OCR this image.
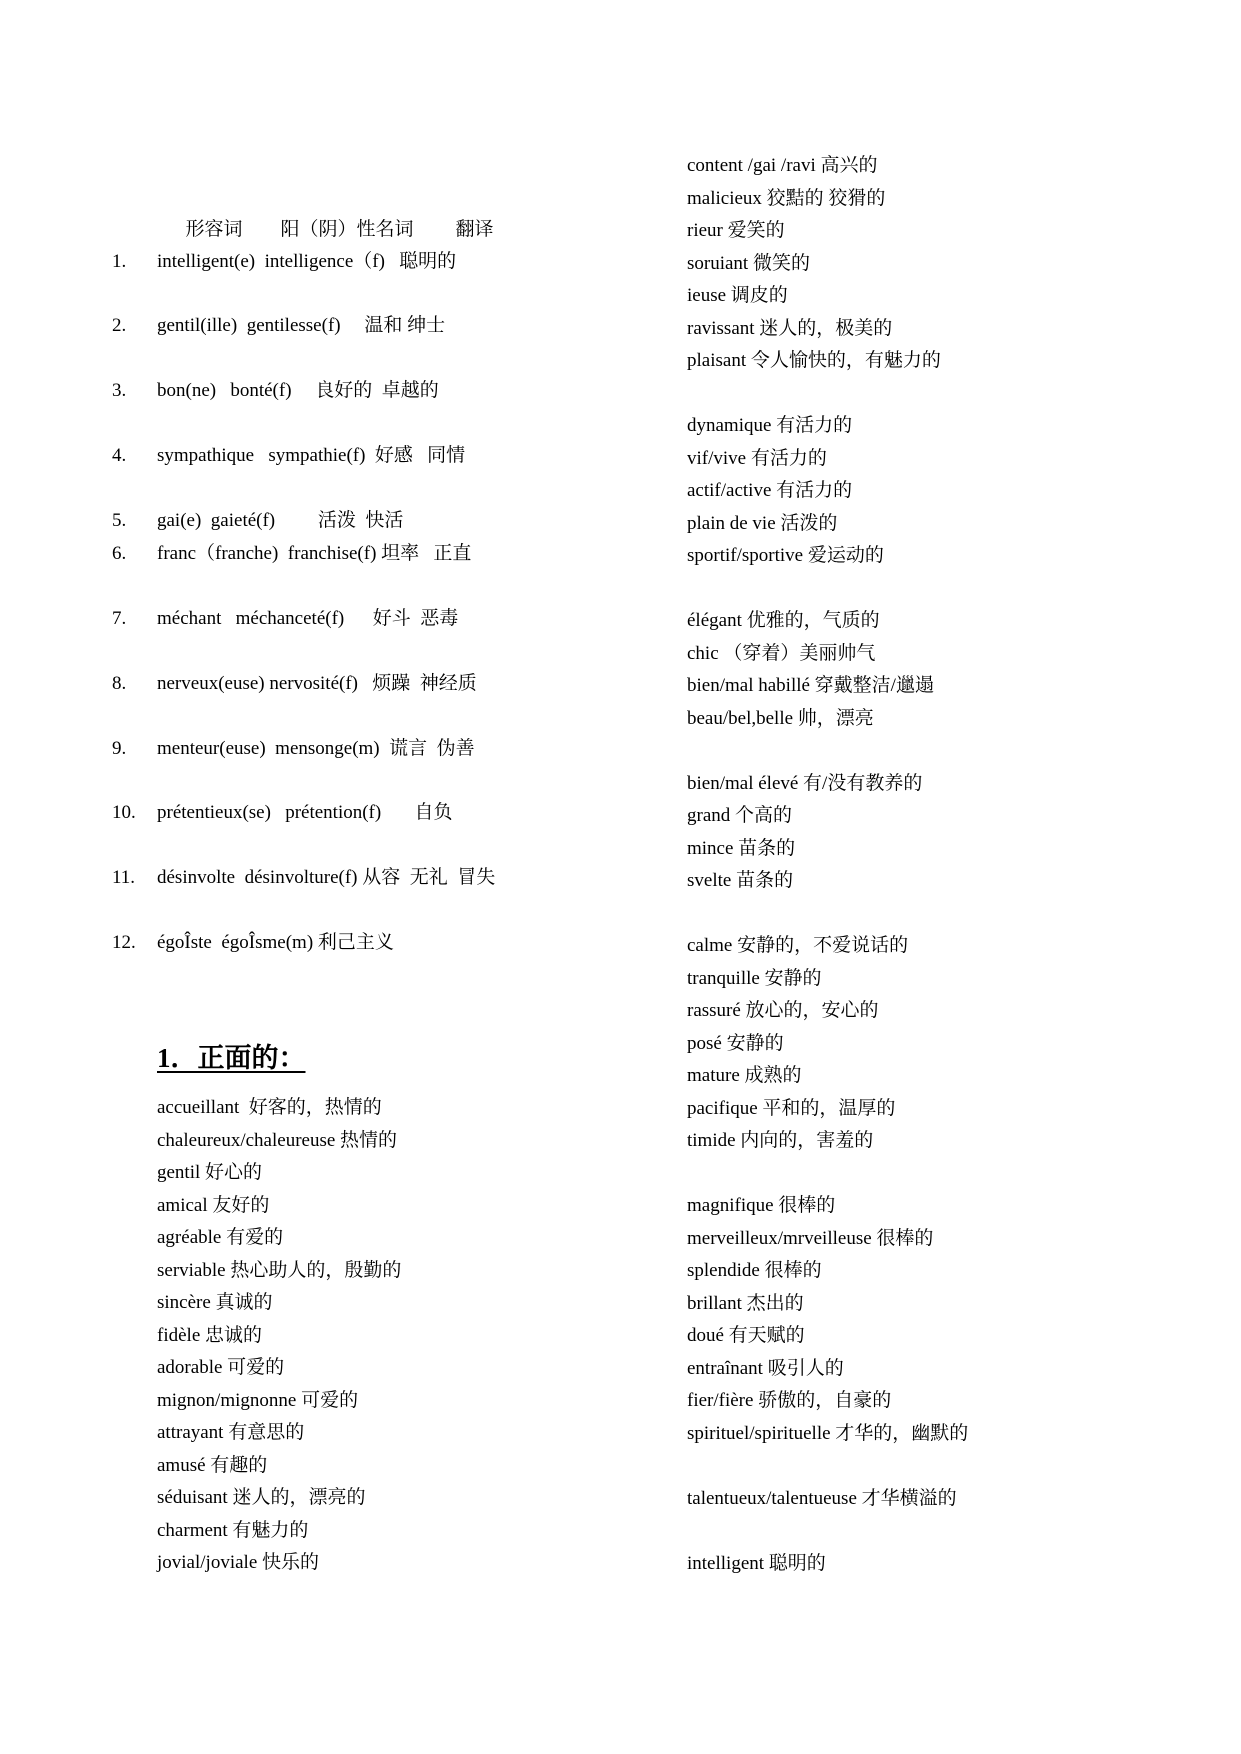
形容词 阳（阴）性名词 翻译

1.	intelligent(e)  intelligence（f)   聪明的
2.	gentil(ille)  gentilesse(f)     温和 绅士
3.	bon(ne)   bonté(f)     良好的  卓越的
4.	sympathique   sympathie(f)  好感   同情
5.	gai(e)  gaieté(f)         活泼  快活
6.	franc（franche)  franchise(f) 坦率   正直
7.	méchant   méchanceté(f)      好斗  恶毒
8.	nerveux(euse) nervosité(f)   烦躁  神经质
9.	menteur(euse)  mensonge(m)  谎言  伪善
10.	prétentieux(se)   prétention(f)       自负
11.	désinvolte  désinvolture(f) 从容  无礼  冒失
12.	égoÎste  égoÎsme(m) 利己主义
1．正面的：
accueillant  好客的，热情的
chaleureux/chaleureuse 热情的
gentil 好心的
amical 友好的
agréable 有爱的
serviable 热心助人的，殷勤的
sincère 真诚的
fidèle 忠诚的
adorable 可爱的
mignon/mignonne 可爱的
attrayant 有意思的
amusé 有趣的
séduisant 迷人的，漂亮的
charment 有魅力的
jovial/joviale 快乐的
content /gai /ravi 高兴的
malicieux 狡黠的 狡猾的
rieur 爱笑的
soruiant 微笑的
ieuse 调皮的
ravissant 迷人的，极美的
plaisant 令人愉快的，有魅力的
dynamique 有活力的
vif/vive 有活力的
actif/active 有活力的
plain de vie 活泼的
sportif/sportive 爱运动的
élégant 优雅的，气质的
chic （穿着）美丽帅气
bien/mal habillé 穿戴整洁/邋遢
beau/bel,belle 帅，漂亮
bien/mal élevé 有/没有教养的
grand 个高的
mince 苗条的
svelte 苗条的
calme 安静的，不爱说话的
tranquille 安静的
rassuré 放心的，安心的
posé 安静的
mature 成熟的
pacifique 平和的，温厚的
timide 内向的，害羞的
magnifique 很棒的
merveilleux/mrveilleuse 很棒的
splendide 很棒的
brillant 杰出的
doué 有天赋的
entraînant 吸引人的
fier/fière 骄傲的，自豪的
spirituel/spirituelle 才华的，幽默的
talentueux/talentueuse 才华横溢的
intelligent 聪明的
